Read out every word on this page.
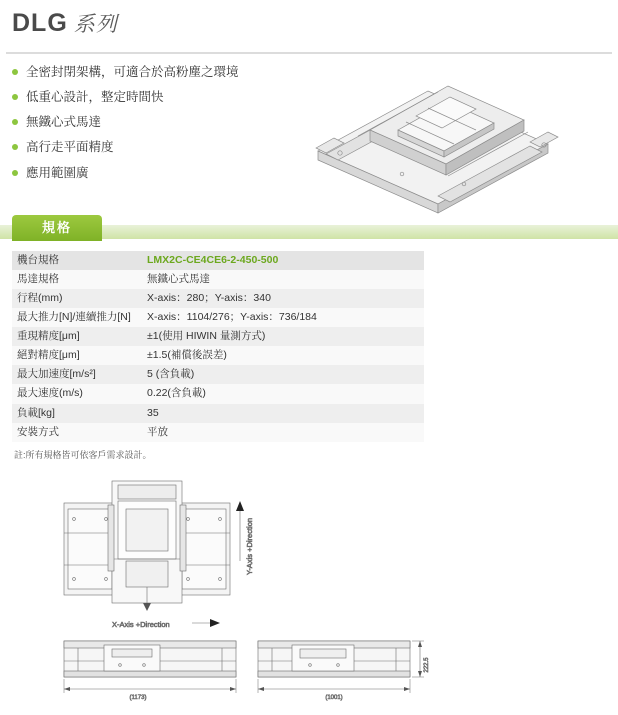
DLG 系列
全密封閉架構，可適合於高粉塵之環境
低重心設計，整定時間快
無鐵心式馬達
高行走平面精度
應用範圍廣
規格
機台規格	LMX2C-CE4CE6-2-450-500
馬達規格	無鐵心式馬達
行程(mm)	X-axis：280；Y-axis：340
最大推力[N]/連續推力[N]	X-axis：1104/276；Y-axis：736/184
重現精度[μm]	±1(使用 HIWIN 量測方式)
絕對精度[μm]	±1.5(補償後誤差)
最大加速度[m/s²]	5 (含負載)
最大速度(m/s)	0.22(含負載)
負載[kg]	35
安裝方式	平放
註:所有規格皆可依客戶需求設計。
Y-Axis +Direction
X-Axis +Direction
(1173)
222.5
(1001)
